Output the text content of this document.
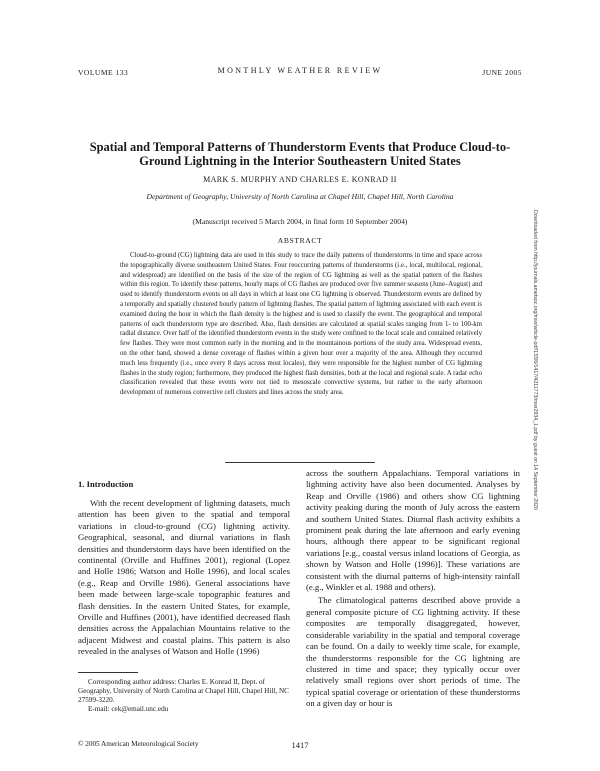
VOLUME 133	MONTHLY WEATHER REVIEW	JUNE 2005
Spatial and Temporal Patterns of Thunderstorm Events that Produce Cloud-to-Ground Lightning in the Interior Southeastern United States
MARK S. MURPHY AND CHARLES E. KONRAD II
Department of Geography, University of North Carolina at Chapel Hill, Chapel Hill, North Carolina
(Manuscript received 5 March 2004, in final form 10 September 2004)
ABSTRACT

Cloud-to-ground (CG) lightning data are used in this study to trace the daily patterns of thunderstorms in time and space across the topographically diverse southeastern United States. Four reoccurring patterns of thunderstorms (i.e., local, multilocal, regional, and widespread) are identified on the basis of the size of the region of CG lightning as well as the spatial pattern of the flashes within this region. To identify these patterns, hourly maps of CG flashes are produced over five summer seasons (June–August) and used to identify thunderstorm events on all days in which at least one CG lightning is observed. Thunderstorm events are defined by a temporally and spatially clustered hourly pattern of lightning flashes. The spatial pattern of lightning associated with each event is examined during the hour in which the flash density is the highest and is used to classify the event. The geographical and temporal patterns of each thunderstorm type are described. Also, flash densities are calculated at spatial scales ranging from 1- to 100-km radial distance. Over half of the identified thunderstorm events in the study were confined to the local scale and contained relatively few flashes. They were most common early in the morning and in the mountainous portions of the study area. Widespread events, on the other hand, showed a dense coverage of flashes within a given hour over a majority of the area. Although they occurred much less frequently (i.e., once every 8 days across most locales), they were responsible for the highest number of CG lightning flashes in the study region; furthermore, they produced the highest flash densities, both at the local and regional scale. A radar echo classification revealed that these events were not tied to mesoscale convective systems, but rather to the early afternoon development of numerous convective cell clusters and lines across the study area.

1. Introduction

With the recent development of lightning datasets, much attention has been given to the spatial and temporal variations in cloud-to-ground (CG) lightning activity. Geographical, seasonal, and diurnal variations in flash densities and thunderstorm days have been identified on the continental (Orville and Huffines 2001), regional (Lopez and Holle 1986; Watson and Holle 1996), and local scales (e.g., Reap and Orville 1986). General associations have been made between large-scale topographic features and flash densities. In the eastern United States, for example, Orville and Huffines (2001), have identified decreased flash densities across the Appalachian Mountains relative to the adjacent Midwest and coastal plains. This pattern is also revealed in the analyses of Watson and Holle (1996)

across the southern Appalachians. Temporal variations in lightning activity have also been documented. Analyses by Reap and Orville (1986) and others show CG lightning activity peaking during the month of July across the eastern and southern United States. Diurnal flash activity exhibits a prominent peak during the late afternoon and early evening hours, although there appear to be significant regional variations [e.g., coastal versus inland locations of Georgia, as shown by Watson and Holle (1996)]. These variations are consistent with the diurnal patterns of high-intensity rainfall (e.g., Winkler et al. 1988 and others).

The climatological patterns described above provide a general composite picture of CG lightning activity. If these composites are temporally disaggregated, however, considerable variability in the spatial and temporal coverage can be found. On a daily to weekly time scale, for example, the thunderstorms responsible for the CG lightning are clustered in time and space; they typically occur over relatively small regions over short periods of time. The typical spatial coverage or orientation of these thunderstorms on a given day or hour is

Corresponding author address: Charles E. Konrad II, Dept. of Geography, University of North Carolina at Chapel Hill, Chapel Hill, NC 27599-3220.
E-mail: cek@email.unc.edu
© 2005 American Meteorological Society	1417
Downloaded from http://journals.ametsoc.org/mwr/article-pdf/133/6/1417/4211773/mwr2934_1.pdf by guest on 14 September 2020
